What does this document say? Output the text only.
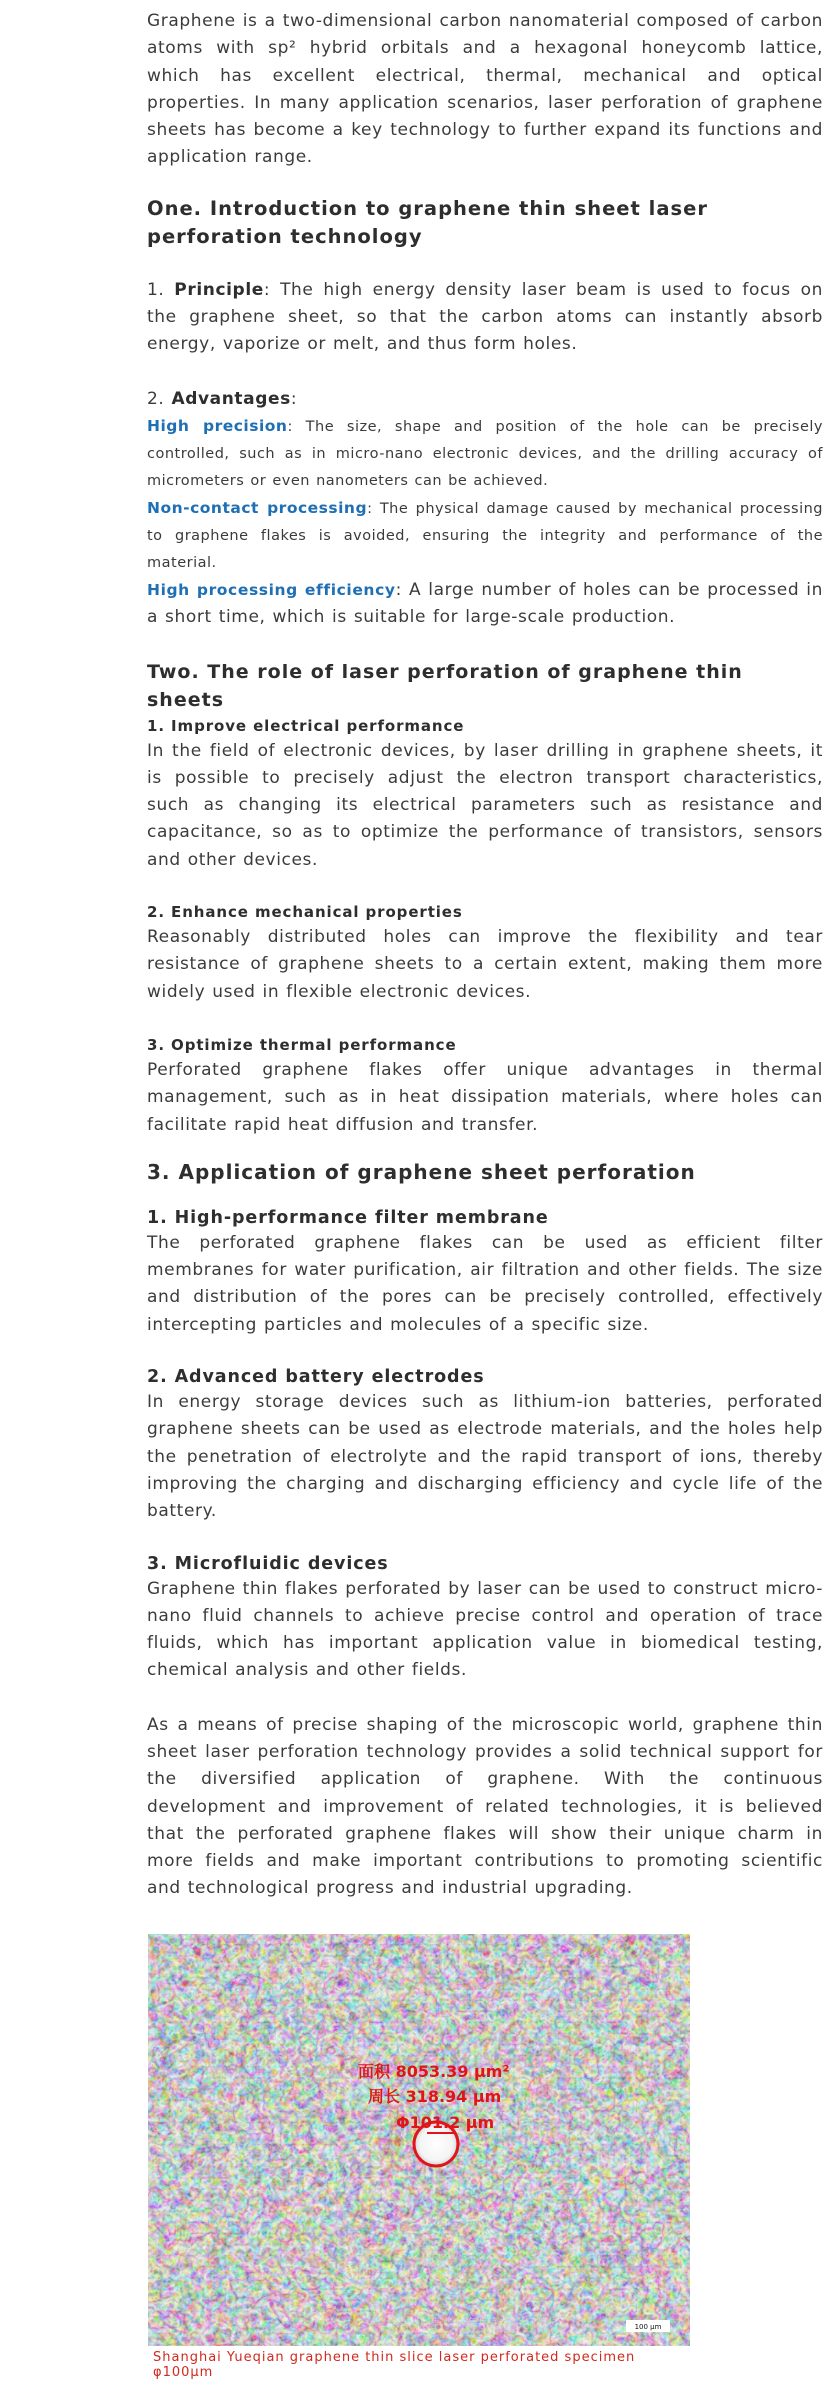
Graphene is a two-dimensional carbon nanomaterial composed of carbon atoms with sp² hybrid orbitals and a hexagonal honeycomb lattice, which has excellent electrical, thermal, mechanical and optical properties. In many application scenarios, laser perforation of graphene sheets has become a key technology to further expand its functions and application range.

One. Introduction to graphene thin sheet laser perforation technology

1. Principle: The high energy density laser beam is used to focus on the graphene sheet, so that the carbon atoms can instantly absorb energy, vaporize or melt, and thus form holes.

2. Advantages:

High precision: The size, shape and position of the hole can be precisely controlled, such as in micro-nano electronic devices, and the drilling accuracy of micrometers or even nanometers can be achieved.

Non-contact processing: The physical damage caused by mechanical processing to graphene flakes is avoided, ensuring the integrity and performance of the material.

High processing efficiency: A large number of holes can be processed in a short time, which is suitable for large-scale production.

Two. The role of laser perforation of graphene thin sheets

1. Improve electrical performance

In the field of electronic devices, by laser drilling in graphene sheets, it is possible to precisely adjust the electron transport characteristics, such as changing its electrical parameters such as resistance and capacitance, so as to optimize the performance of transistors, sensors and other devices.

2. Enhance mechanical properties

Reasonably distributed holes can improve the flexibility and tear resistance of graphene sheets to a certain extent, making them more widely used in flexible electronic devices.

3. Optimize thermal performance

Perforated graphene flakes offer unique advantages in thermal management, such as in heat dissipation materials, where holes can facilitate rapid heat diffusion and transfer.

3. Application of graphene sheet perforation

1. High-performance filter membrane

The perforated graphene flakes can be used as efficient filter membranes for water purification, air filtration and other fields. The size and distribution of the pores can be precisely controlled, effectively intercepting particles and molecules of a specific size.

2. Advanced battery electrodes

In energy storage devices such as lithium-ion batteries, perforated graphene sheets can be used as electrode materials, and the holes help the penetration of electrolyte and the rapid transport of ions, thereby improving the charging and discharging efficiency and cycle life of the battery.

3. Microfluidic devices

Graphene thin flakes perforated by laser can be used to construct micro-nano fluid channels to achieve precise control and operation of trace fluids, which has important application value in biomedical testing, chemical analysis and other fields.

As a means of precise shaping of the microscopic world, graphene thin sheet laser perforation technology provides a solid technical support for the diversified application of graphene. With the continuous development and improvement of related technologies, it is believed that the perforated graphene flakes will show their unique charm in more fields and make important contributions to promoting scientific and technological progress and industrial upgrading.

面积 8053.39 μm²
周长 318.94 μm
Φ101.2 μm
公众号 · 上海岳乾激光科技	100 μm

Shanghai Yueqian graphene thin slice laser perforated specimen φ100μm
